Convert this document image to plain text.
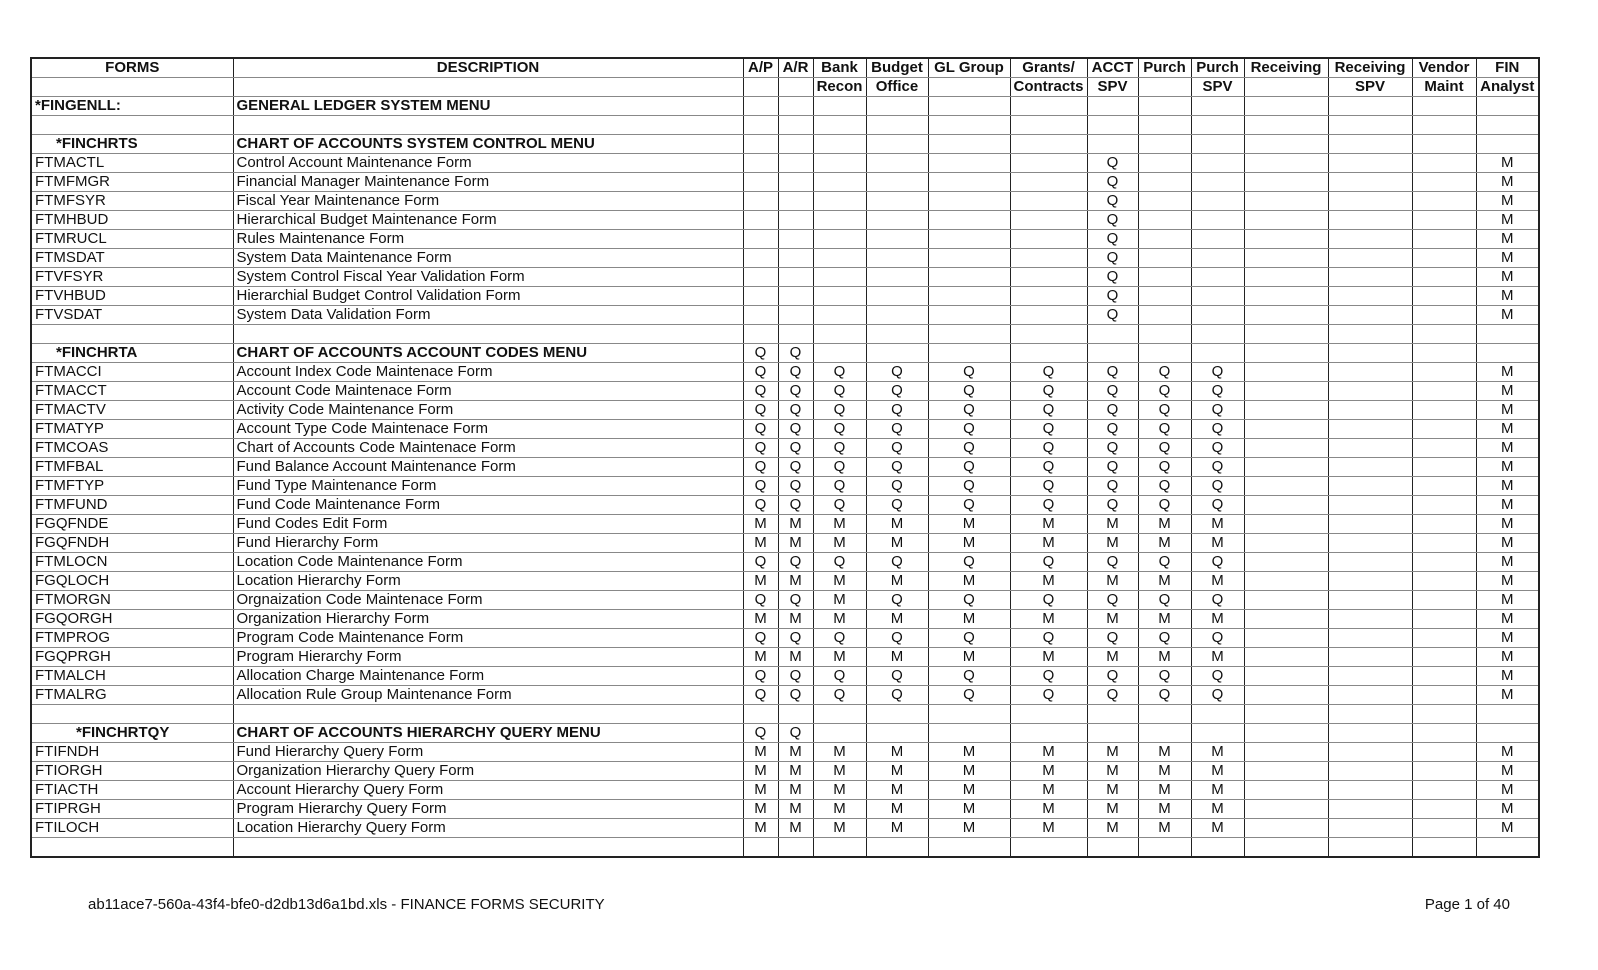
FORMS	DESCRIPTION	A/P	A/R	Bank	Budget	GL Group	Grants/	ACCT	Purch	Purch	Receiving	Receiving	Vendor	FIN
				Recon	Office		Contracts	SPV		SPV		SPV	Maint	Analyst
*FINGENLL:	GENERAL LEDGER SYSTEM MENU													

*FINCHRTS	CHART OF ACCOUNTS SYSTEM CONTROL MENU													
FTMACTL	Control Account Maintenance Form							Q						M
FTMFMGR	Financial Manager Maintenance Form							Q						M
FTMFSYR	Fiscal Year Maintenance Form							Q						M
FTMHBUD	Hierarchical Budget Maintenance Form							Q						M
FTMRUCL	Rules Maintenance Form							Q						M
FTMSDAT	System Data Maintenance Form							Q						M
FTVFSYR	System Control Fiscal Year Validation Form							Q						M
FTVHBUD	Hierarchial Budget Control Validation Form							Q						M
FTVSDAT	System Data Validation Form							Q						M

*FINCHRTA	CHART OF ACCOUNTS ACCOUNT CODES MENU	Q	Q											
FTMACCI	Account Index Code Maintenace Form	Q	Q	Q	Q	Q	Q	Q	Q	Q				M
FTMACCT	Account Code Maintenace Form	Q	Q	Q	Q	Q	Q	Q	Q	Q				M
FTMACTV	Activity Code Maintenance Form	Q	Q	Q	Q	Q	Q	Q	Q	Q				M
FTMATYP	Account Type Code Maintenace Form	Q	Q	Q	Q	Q	Q	Q	Q	Q				M
FTMCOAS	Chart of Accounts Code Maintenace Form	Q	Q	Q	Q	Q	Q	Q	Q	Q				M
FTMFBAL	Fund Balance Account Maintenance Form	Q	Q	Q	Q	Q	Q	Q	Q	Q				M
FTMFTYP	Fund Type Maintenance Form	Q	Q	Q	Q	Q	Q	Q	Q	Q				M
FTMFUND	Fund Code Maintenance Form	Q	Q	Q	Q	Q	Q	Q	Q	Q				M
FGQFNDE	Fund Codes Edit Form	M	M	M	M	M	M	M	M	M				M
FGQFNDH	Fund Hierarchy Form	M	M	M	M	M	M	M	M	M				M
FTMLOCN	Location Code Maintenance Form	Q	Q	Q	Q	Q	Q	Q	Q	Q				M
FGQLOCH	Location Hierarchy Form	M	M	M	M	M	M	M	M	M				M
FTMORGN	Orgnaization Code Maintenace Form	Q	Q	M	Q	Q	Q	Q	Q	Q				M
FGQORGH	Organization Hierarchy Form	M	M	M	M	M	M	M	M	M				M
FTMPROG	Program Code Maintenance Form	Q	Q	Q	Q	Q	Q	Q	Q	Q				M
FGQPRGH	Program Hierarchy Form	M	M	M	M	M	M	M	M	M				M
FTMALCH	Allocation Charge Maintenance Form	Q	Q	Q	Q	Q	Q	Q	Q	Q				M
FTMALRG	Allocation Rule Group Maintenance Form	Q	Q	Q	Q	Q	Q	Q	Q	Q				M

*FINCHRTQY	CHART OF ACCOUNTS HIERARCHY QUERY MENU	Q	Q											
FTIFNDH	Fund Hierarchy Query Form	M	M	M	M	M	M	M	M	M				M
FTIORGH	Organization Hierarchy Query Form	M	M	M	M	M	M	M	M	M				M
FTIACTH	Account Hierarchy Query Form	M	M	M	M	M	M	M	M	M				M
FTIPRGH	Program Hierarchy Query Form	M	M	M	M	M	M	M	M	M				M
FTILOCH	Location Hierarchy Query Form	M	M	M	M	M	M	M	M	M				M

ab11ace7-560a-43f4-bfe0-d2db13d6a1bd.xls - FINANCE FORMS SECURITY	Page 1 of 40
